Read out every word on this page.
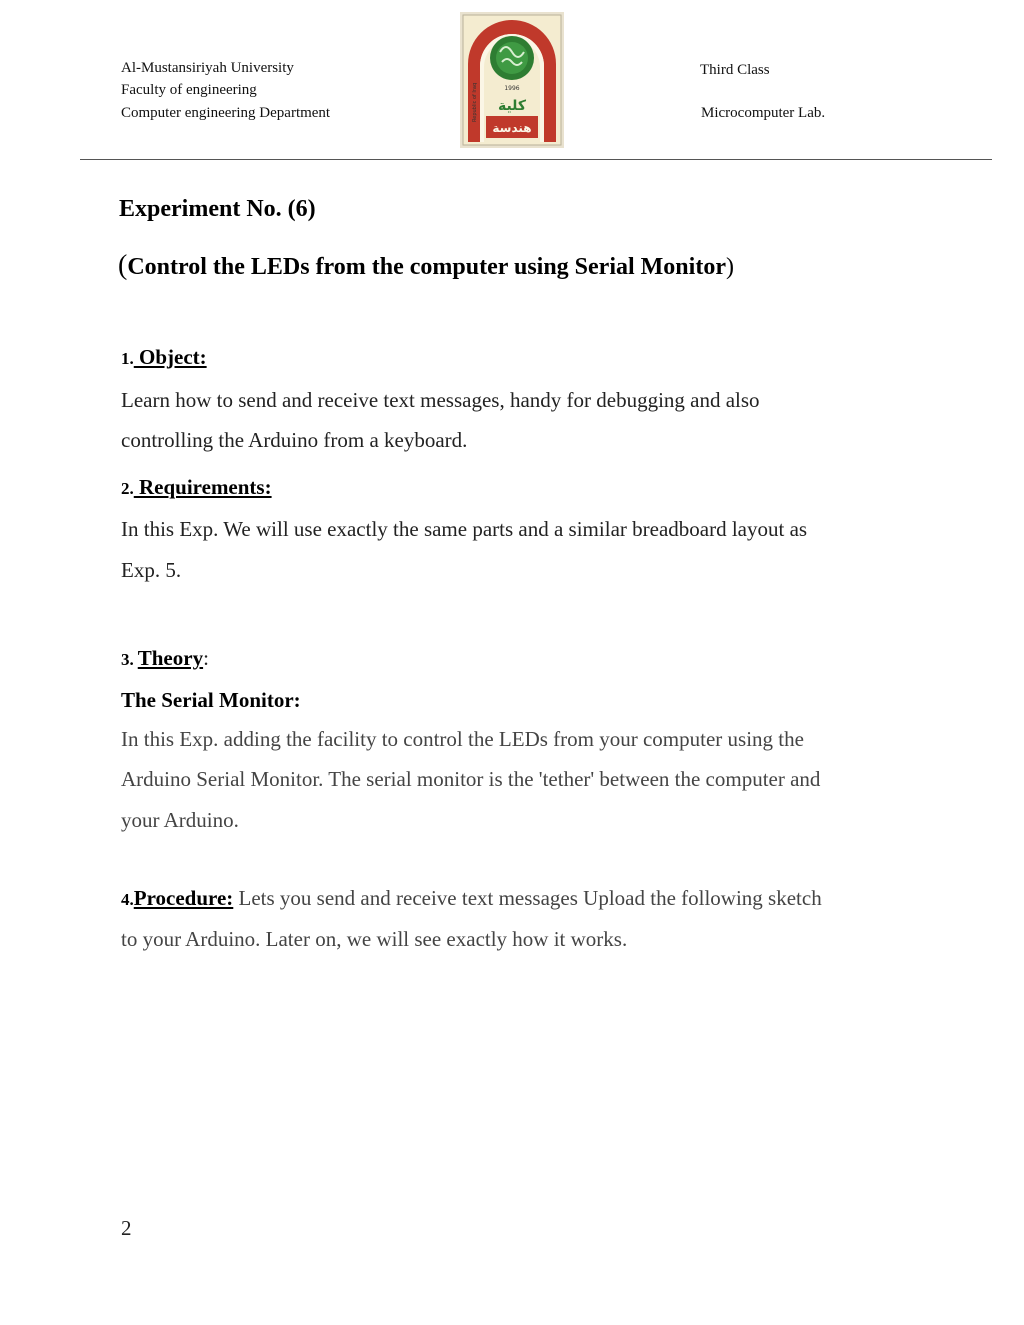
Al-Mustansiriyah University
Faculty of engineering
Computer engineering Department
Third Class
Microcomputer Lab.
1996
كلية
هندسة
Republic of Iraq
Experiment No. (6)
(Control the LEDs from the computer using Serial Monitor)
1. Object:
Learn how to send and receive text messages, handy for debugging and also
controlling the Arduino from a keyboard.
2. Requirements:
In this Exp. We will use exactly the same parts and a similar breadboard layout as
Exp. 5.
3. Theory:
The Serial Monitor:
In this Exp. adding the facility to control the LEDs from your computer using the
Arduino Serial Monitor. The serial monitor is the 'tether' between the computer and
your Arduino.
4.Procedure: Lets you send and receive text messages Upload the following sketch
to your Arduino. Later on, we will see exactly how it works.
2
